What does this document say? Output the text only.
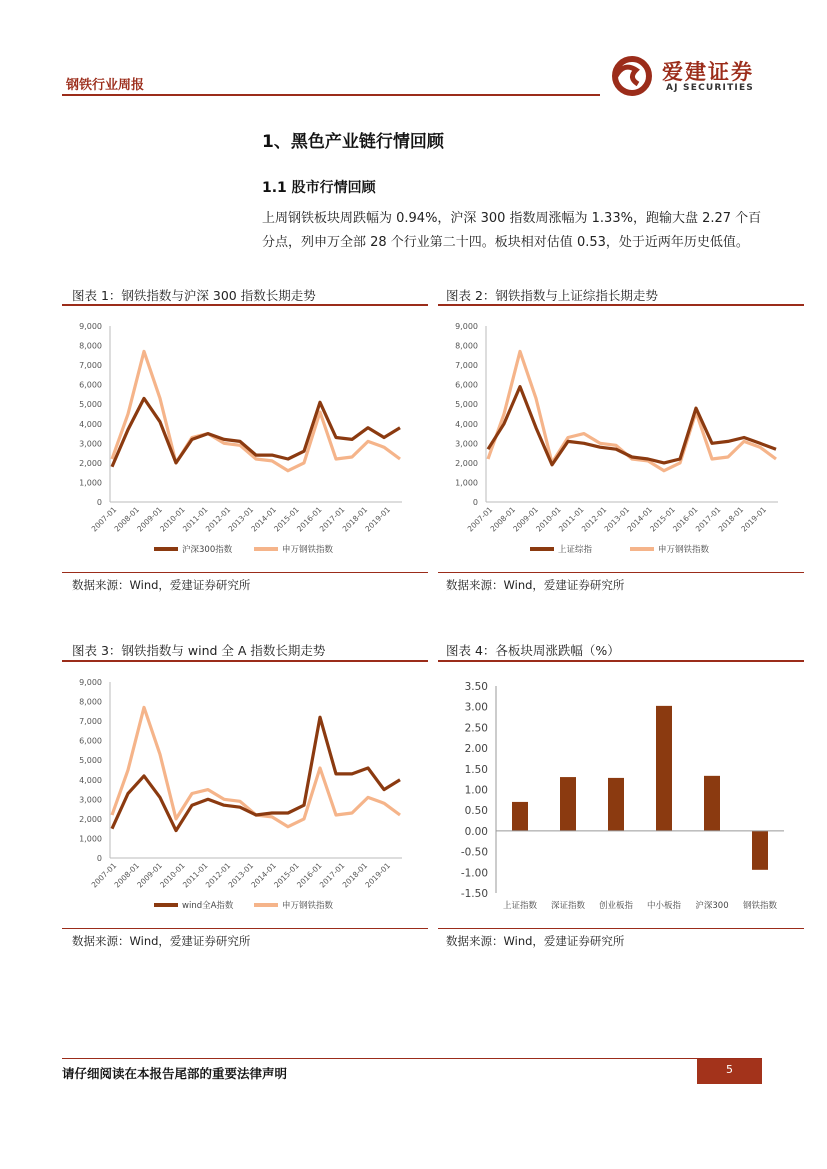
钢铁行业周报
爱建证券
AJ SECURITIES
1、黑色产业链行情回顾
1.1 股市行情回顾
上周钢铁板块周跌幅为 0.94%，沪深 300 指数周涨幅为 1.33%，跑输大盘 2.27 个百分点，列申万全部 28 个行业第二十四。板块相对估值 0.53，处于近两年历史低值。
图表 1：钢铁指数与沪深 300 指数长期走势
0
1,000
2,000
3,000
4,000
5,000
6,000
7,000
8,000
9,000
2007-01
2008-01
2009-01
2010-01
2011-01
2012-01
2013-01
2014-01
2015-01
2016-01
2017-01
2018-01
2019-01
沪深300指数	申万钢铁指数
数据来源：Wind，爱建证券研究所
图表 2：钢铁指数与上证综指长期走势
0
1,000
2,000
3,000
4,000
5,000
6,000
7,000
8,000
9,000
2007-01
2008-01
2009-01
2010-01
2011-01
2012-01
2013-01
2014-01
2015-01
2016-01
2017-01
2018-01
2019-01
上证综指	申万钢铁指数
数据来源：Wind，爱建证券研究所
图表 3：钢铁指数与 wind 全 A 指数长期走势
0
1,000
2,000
3,000
4,000
5,000
6,000
7,000
8,000
9,000
2007-01
2008-01
2009-01
2010-01
2011-01
2012-01
2013-01
2014-01
2015-01
2016-01
2017-01
2018-01
2019-01
wind全A指数	申万钢铁指数
数据来源：Wind，爱建证券研究所
图表 4：各板块周涨跌幅（%）
3.50
3.00
2.50
2.00
1.50
1.00
0.50
0.00
-0.50
-1.00
-1.50
上证指数 深证指数 创业板指 中小板指 沪深300 钢铁指数
数据来源：Wind，爱建证券研究所
请仔细阅读在本报告尾部的重要法律声明	5
